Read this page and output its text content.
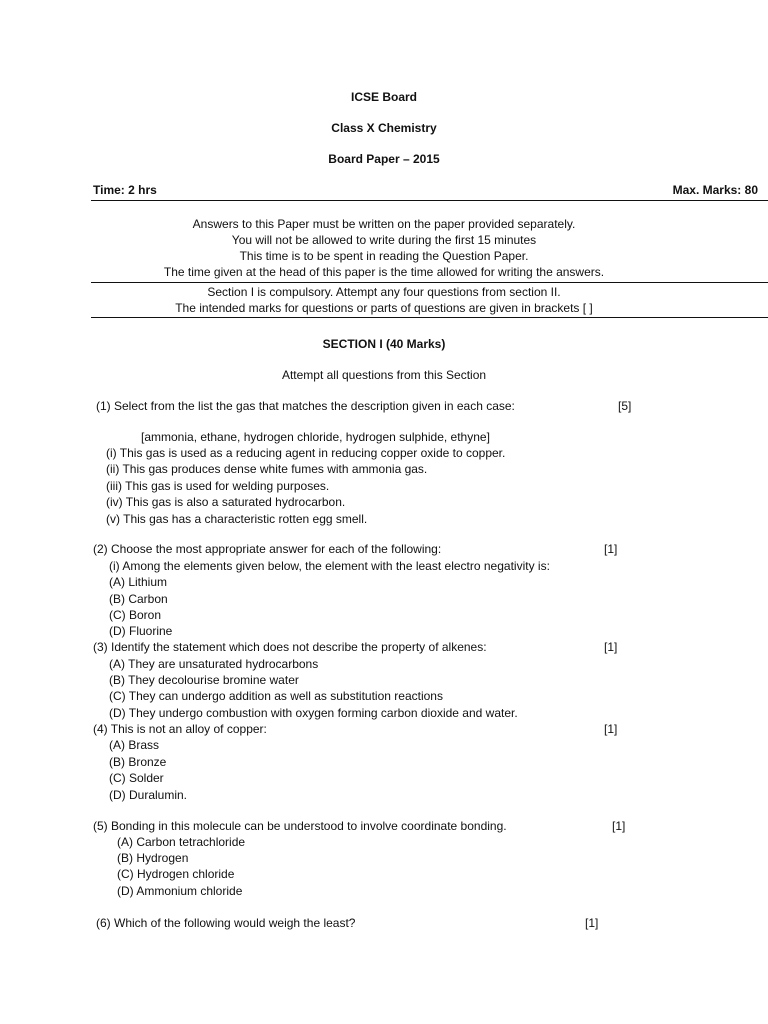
ICSE Board
Class X Chemistry
Board Paper – 2015
Time: 2 hrs	Max. Marks: 80
Answers to this Paper must be written on the paper provided separately.
You will not be allowed to write during the first 15 minutes
This time is to be spent in reading the Question Paper.
The time given at the head of this paper is the time allowed for writing the answers.
Section I is compulsory. Attempt any four questions from section II.
The intended marks for questions or parts of questions are given in brackets [ ]
SECTION I (40 Marks)
Attempt all questions from this Section
(1) Select from the list the gas that matches the description given in each case:	[5]
[ammonia, ethane, hydrogen chloride, hydrogen sulphide, ethyne]
(i) This gas is used as a reducing agent in reducing copper oxide to copper.
(ii) This gas produces dense white fumes with ammonia gas.
(iii) This gas is used for welding purposes.
(iv) This gas is also a saturated hydrocarbon.
(v) This gas has a characteristic rotten egg smell.
(2) Choose the most appropriate answer for each of the following:	[1]
(i) Among the elements given below, the element with the least electro negativity is:
(A) Lithium
(B) Carbon
(C) Boron
(D) Fluorine
(3) Identify the statement which does not describe the property of alkenes:	[1]
(A) They are unsaturated hydrocarbons
(B) They decolourise bromine water
(C) They can undergo addition as well as substitution reactions
(D) They undergo combustion with oxygen forming carbon dioxide and water.
(4) This is not an alloy of copper:	[1]
(A) Brass
(B) Bronze
(C) Solder
(D) Duralumin.
(5) Bonding in this molecule can be understood to involve coordinate bonding.	[1]
(A) Carbon tetrachloride
(B) Hydrogen
(C) Hydrogen chloride
(D) Ammonium chloride
(6) Which of the following would weigh the least?	[1]
